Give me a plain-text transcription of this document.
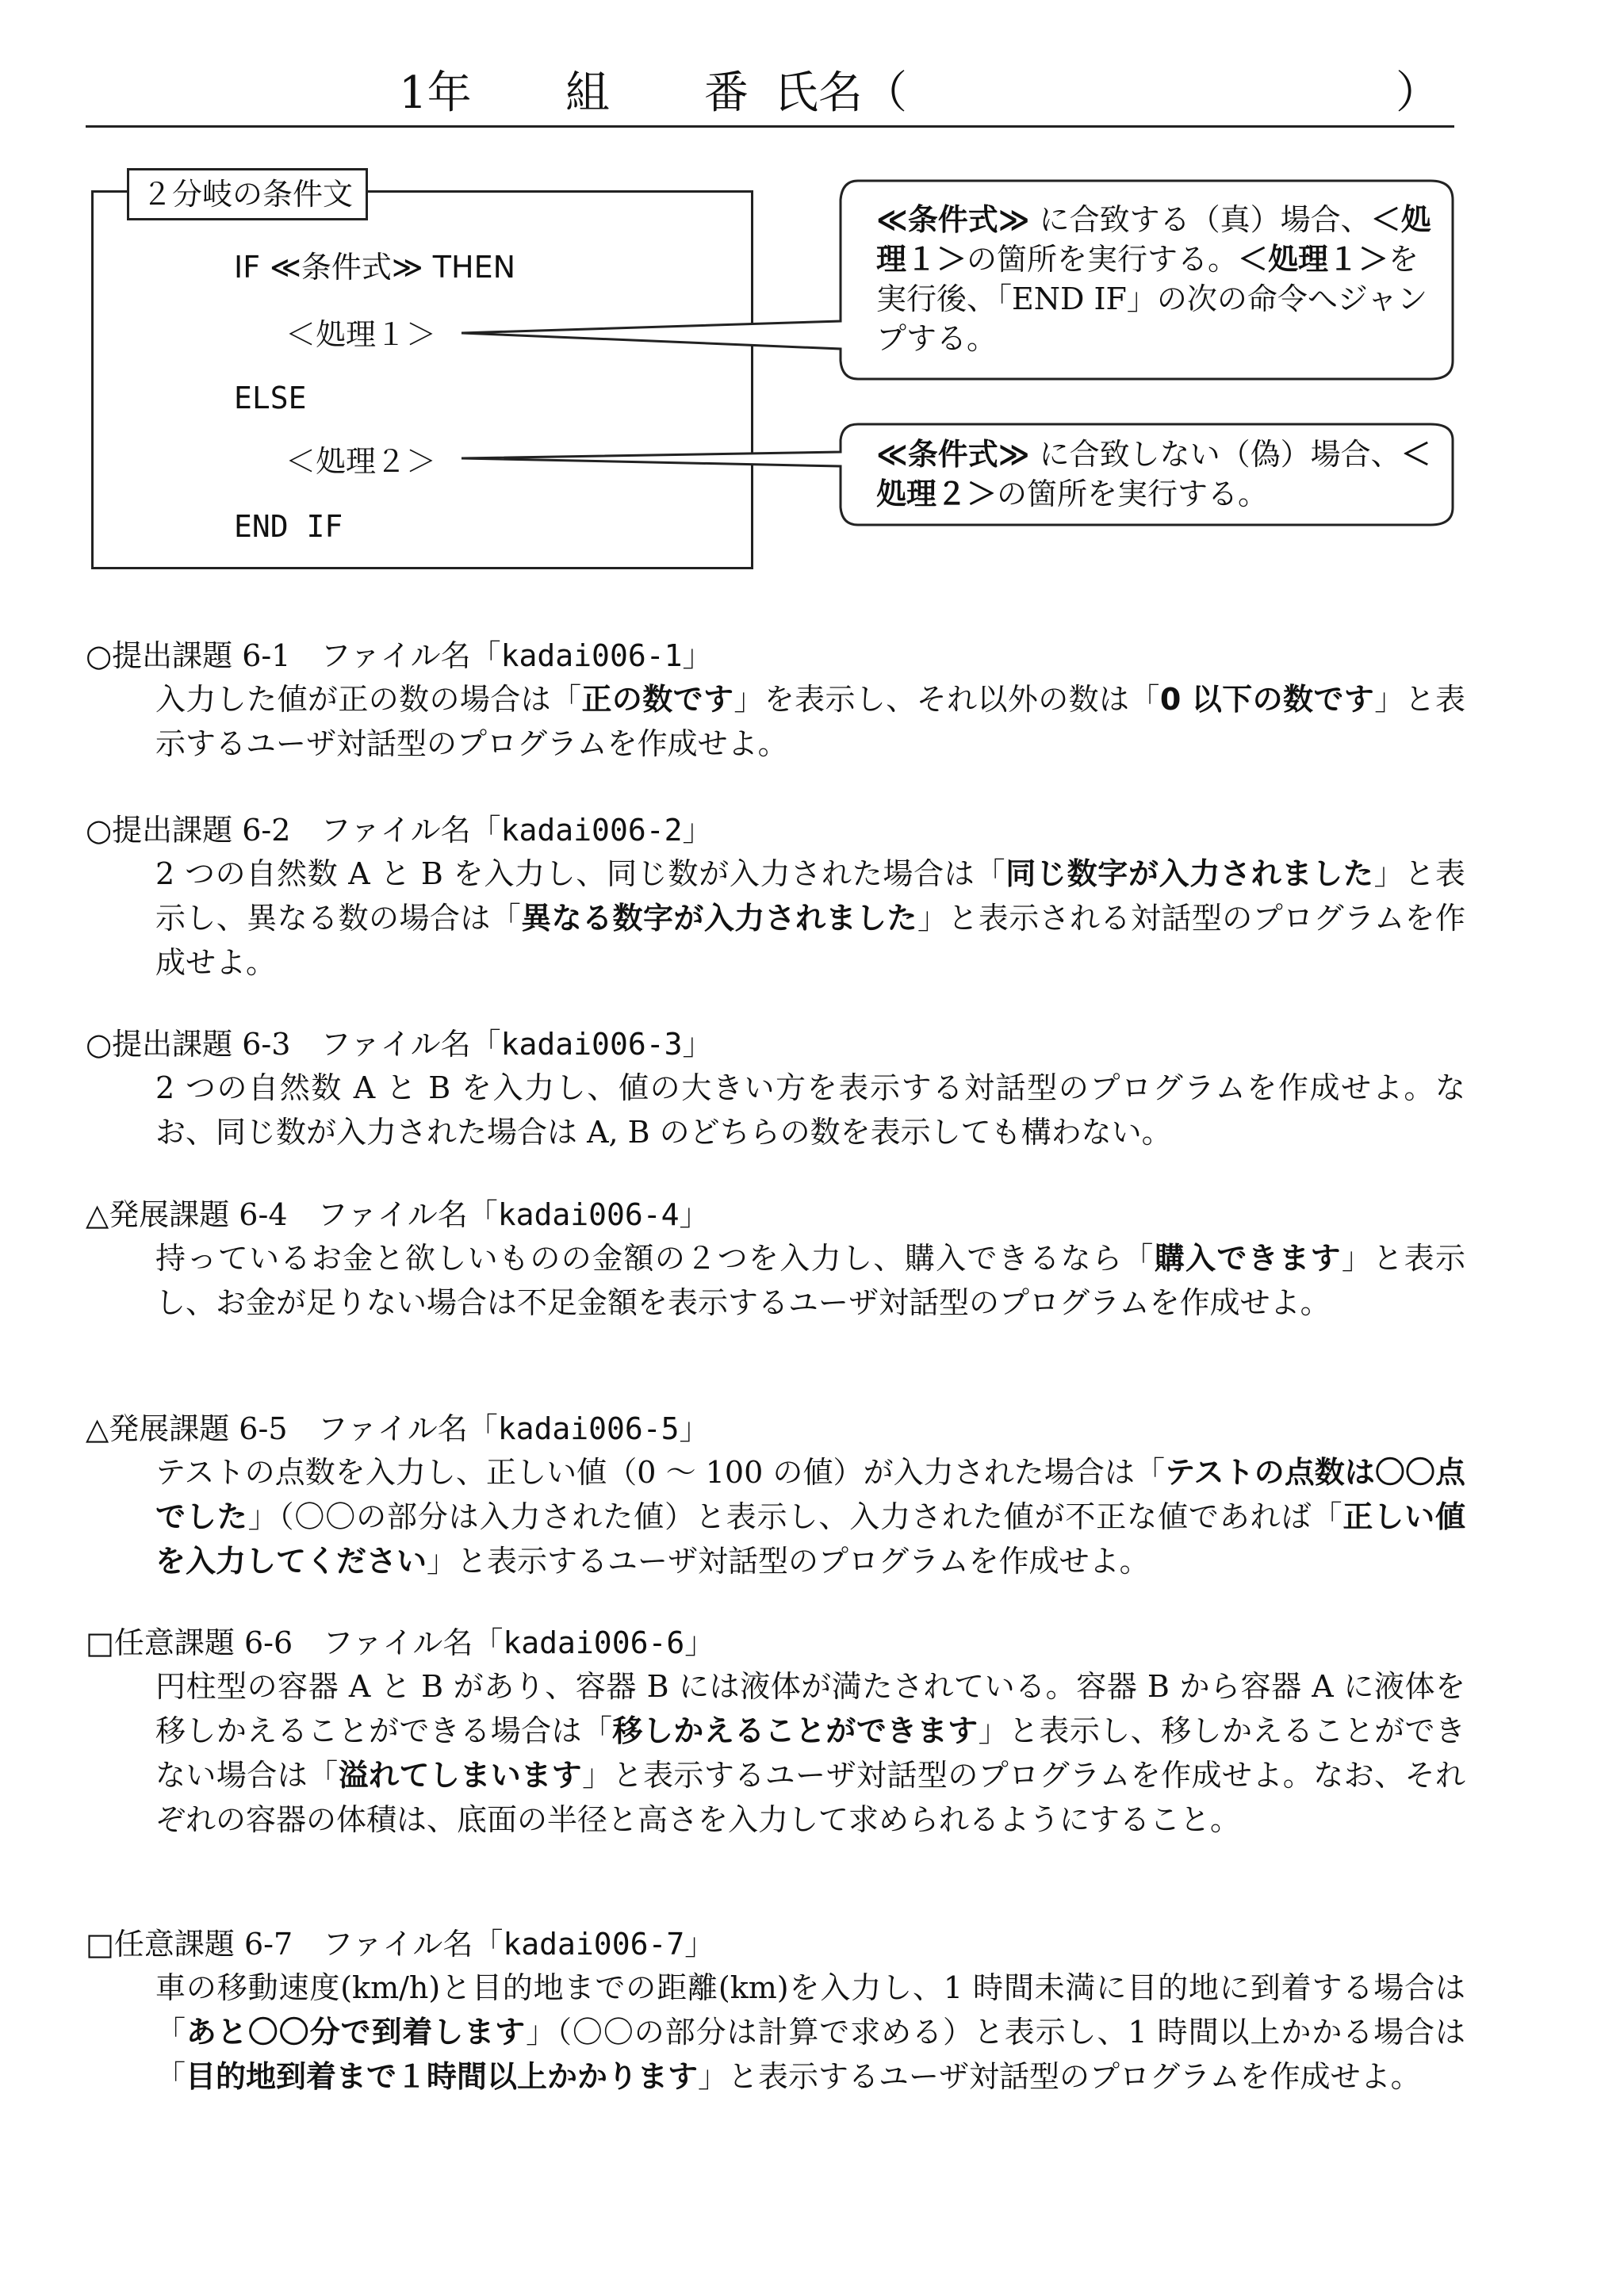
1年 組 番 氏名（	）
２分岐の条件文
IF ≪条件式≫ THEN
＜処理１＞
ELSE
＜処理２＞
END IF
≪条件式≫ に合致する（真）場合、＜処理１＞の箇所を実行する。＜処理１＞を実行後、「END IF」の次の命令へジャンプする。
≪条件式≫ に合致しない（偽）場合、＜処理２＞の箇所を実行する。
○提出課題 6-1　ファイル名「kadai006-1」
入力した値が正の数の場合は「正の数です」を表示し、それ以外の数は「0 以下の数です」と表示するユーザ対話型のプログラムを作成せよ。
○提出課題 6-2　ファイル名「kadai006-2」
2 つの自然数 A と B を入力し、同じ数が入力された場合は「同じ数字が入力されました」と表示し、異なる数の場合は「異なる数字が入力されました」と表示される対話型のプログラムを作成せよ。
○提出課題 6-3　ファイル名「kadai006-3」
2 つの自然数 A と B を入力し、値の大きい方を表示する対話型のプログラムを作成せよ。なお、同じ数が入力された場合は A, B のどちらの数を表示しても構わない。
△発展課題 6-4　ファイル名「kadai006-4」
持っているお金と欲しいものの金額の２つを入力し、購入できるなら「購入できます」と表示し、お金が足りない場合は不足金額を表示するユーザ対話型のプログラムを作成せよ。
△発展課題 6-5　ファイル名「kadai006-5」
テストの点数を入力し、正しい値（0 ～ 100 の値）が入力された場合は「テストの点数は〇〇点でした」（〇〇の部分は入力された値）と表示し、入力された値が不正な値であれば「正しい値を入力してください」と表示するユーザ対話型のプログラムを作成せよ。
□任意課題 6-6　ファイル名「kadai006-6」
円柱型の容器 A と B があり、容器 B には液体が満たされている。容器 B から容器 A に液体を移しかえることができる場合は「移しかえることができます」と表示し、移しかえることができない場合は「溢れてしまいます」と表示するユーザ対話型のプログラムを作成せよ。なお、それぞれの容器の体積は、底面の半径と高さを入力して求められるようにすること。
□任意課題 6-7　ファイル名「kadai006-7」
車の移動速度(km/h)と目的地までの距離(km)を入力し、1 時間未満に目的地に到着する場合は「あと〇〇分で到着します」（〇〇の部分は計算で求める）と表示し、1 時間以上かかる場合は「目的地到着まで１時間以上かかります」と表示するユーザ対話型のプログラムを作成せよ。
